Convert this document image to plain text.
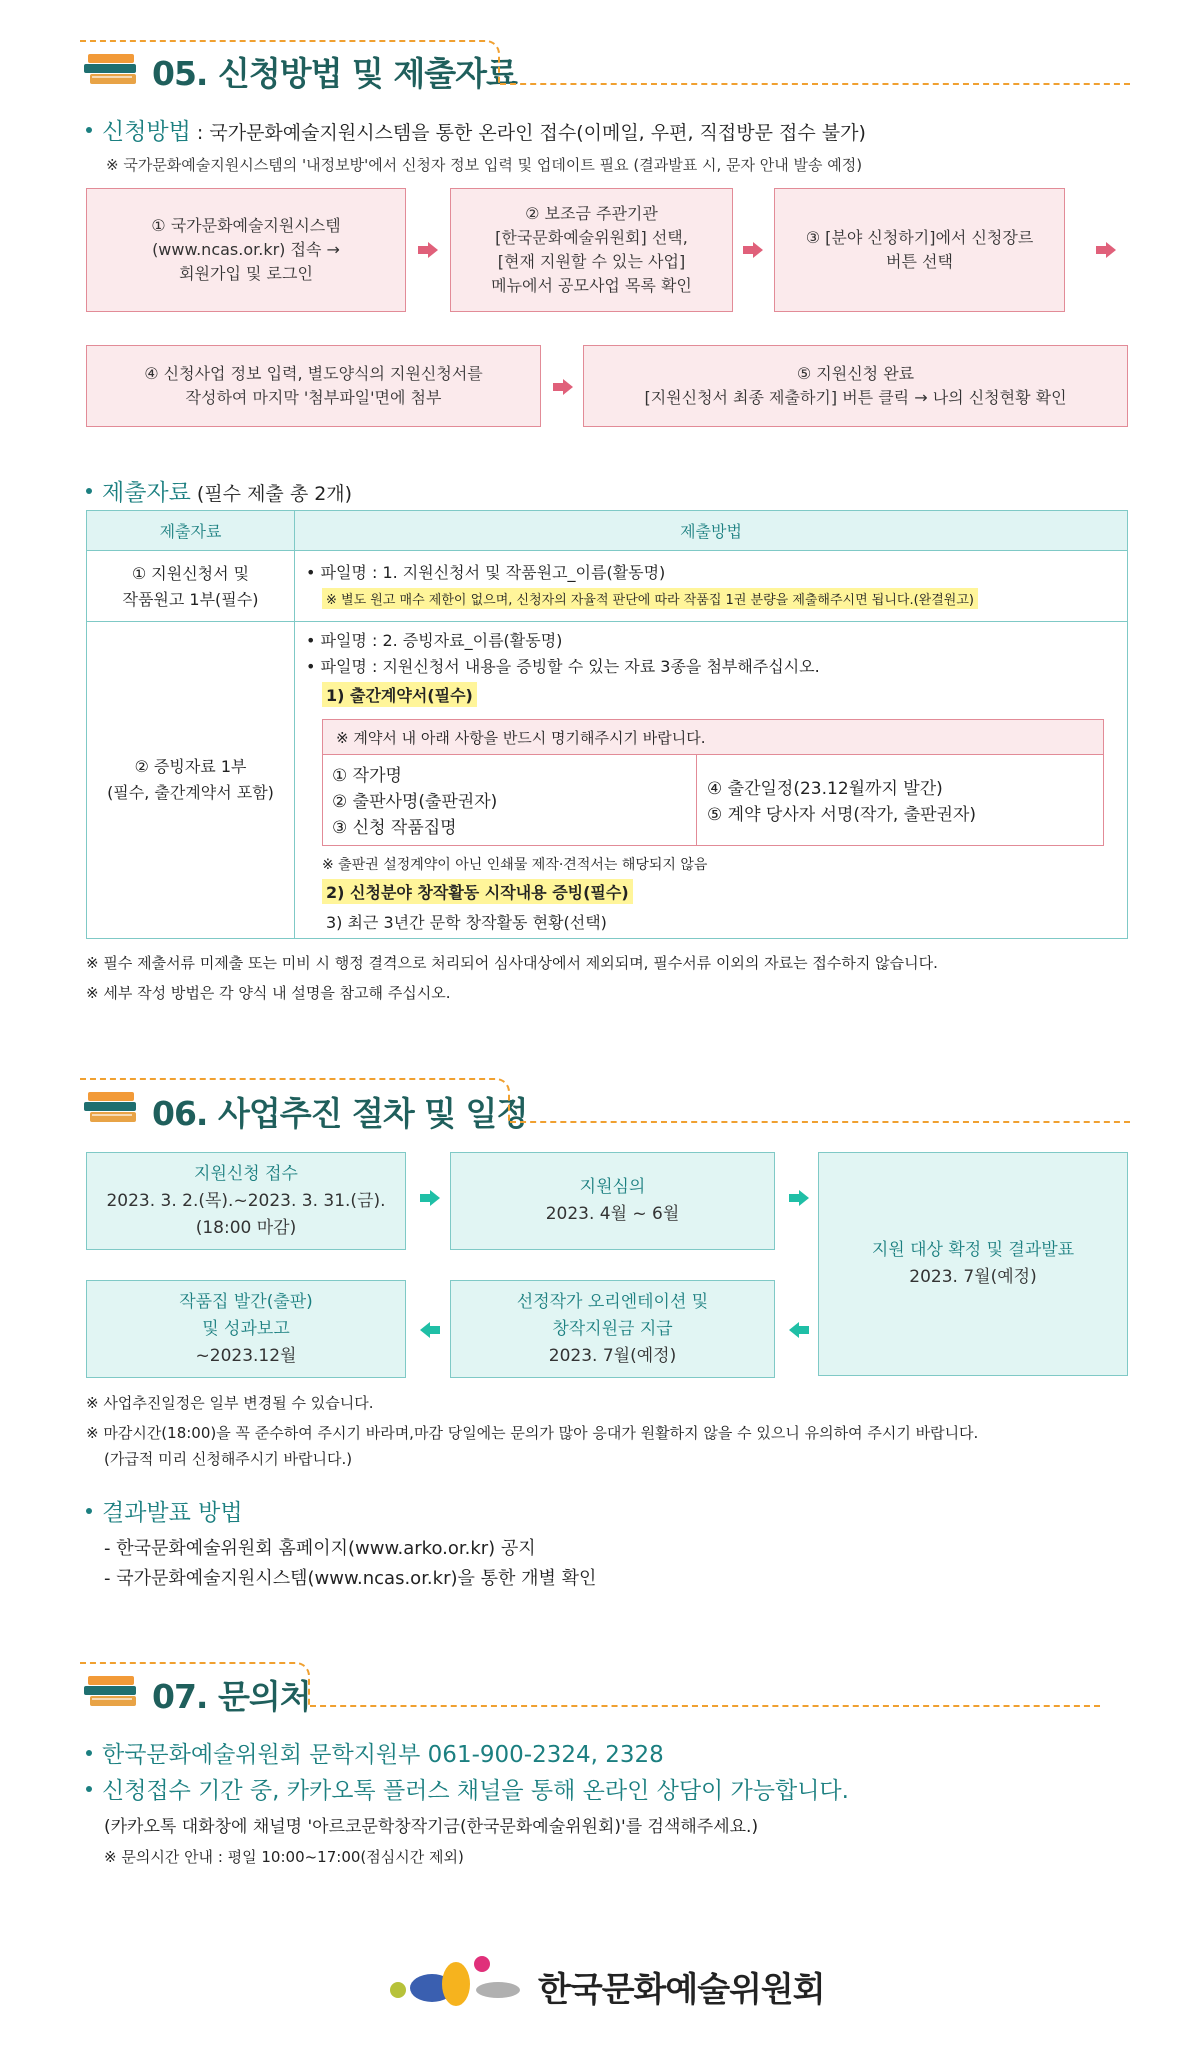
05. 신청방법 및 제출자료
신청방법 : 국가문화예술지원시스템을 통한 온라인 접수(이메일, 우편, 직접방문 접수 불가)
※ 국가문화예술지원시스템의 '내정보방'에서 신청자 정보 입력 및 업데이트 필요 (결과발표 시, 문자 안내 발송 예정)
① 국가문화예술지원시스템
(www.ncas.or.kr) 접속 →
회원가입 및 로그인
② 보조금 주관기관
[한국문화예술위원회] 선택,
[현재 지원할 수 있는 사업]
메뉴에서 공모사업 목록 확인
③ [분야 신청하기]에서 신청장르
버튼 선택
④ 신청사업 정보 입력, 별도양식의 지원신청서를
작성하여 마지막 '첨부파일'면에 첨부
⑤ 지원신청 완료
[지원신청서 최종 제출하기] 버튼 클릭 → 나의 신청현황 확인
제출자료 (필수 제출 총 2개)
제출자료	제출방법
① 지원신청서 및
작품원고 1부(필수)
• 파일명 : 1. 지원신청서 및 작품원고_이름(활동명)
※ 별도 원고 매수 제한이 없으며, 신청자의 자율적 판단에 따라 작품집 1권 분량을 제출해주시면 됩니다.(완결원고)
② 증빙자료 1부
(필수, 출간계약서 포함)
• 파일명 : 2. 증빙자료_이름(활동명)
• 파일명 : 지원신청서 내용을 증빙할 수 있는 자료 3종을 첨부해주십시오.
1) 출간계약서(필수)
※ 계약서 내 아래 사항을 반드시 명기해주시기 바랍니다.
① 작가명
② 출판사명(출판권자)
③ 신청 작품집명
④ 출간일정(23.12월까지 발간)
⑤ 계약 당사자 서명(작가, 출판권자)
※ 출판권 설정계약이 아닌 인쇄물 제작·견적서는 해당되지 않음
2) 신청분야 창작활동 시작내용 증빙(필수)
3) 최근 3년간 문학 창작활동 현황(선택)
※ 필수 제출서류 미제출 또는 미비 시 행정 결격으로 처리되어 심사대상에서 제외되며, 필수서류 이외의 자료는 접수하지 않습니다.
※ 세부 작성 방법은 각 양식 내 설명을 참고해 주십시오.
06. 사업추진 절차 및 일정
지원신청 접수
2023. 3. 2.(목).~2023. 3. 31.(금).
(18:00 마감)
지원심의
2023. 4월 ~ 6월
지원 대상 확정 및 결과발표
2023. 7월(예정)
선정작가 오리엔테이션 및
창작지원금 지급
2023. 7월(예정)
작품집 발간(출판)
및 성과보고
~2023.12월
※ 사업추진일정은 일부 변경될 수 있습니다.
※ 마감시간(18:00)을 꼭 준수하여 주시기 바라며,마감 당일에는 문의가 많아 응대가 원활하지 않을 수 있으니 유의하여 주시기 바랍니다.
(가급적 미리 신청해주시기 바랍니다.)
결과발표 방법
- 한국문화예술위원회 홈페이지(www.arko.or.kr) 공지
- 국가문화예술지원시스템(www.ncas.or.kr)을 통한 개별 확인
07. 문의처
한국문화예술위원회 문학지원부 061-900-2324, 2328
신청접수 기간 중, 카카오톡 플러스 채널을 통해 온라인 상담이 가능합니다.
(카카오톡 대화창에 채널명 '아르코문학창작기금(한국문화예술위원회)'를 검색해주세요.)
※ 문의시간 안내 : 평일 10:00~17:00(점심시간 제외)
한국문화예술위원회
